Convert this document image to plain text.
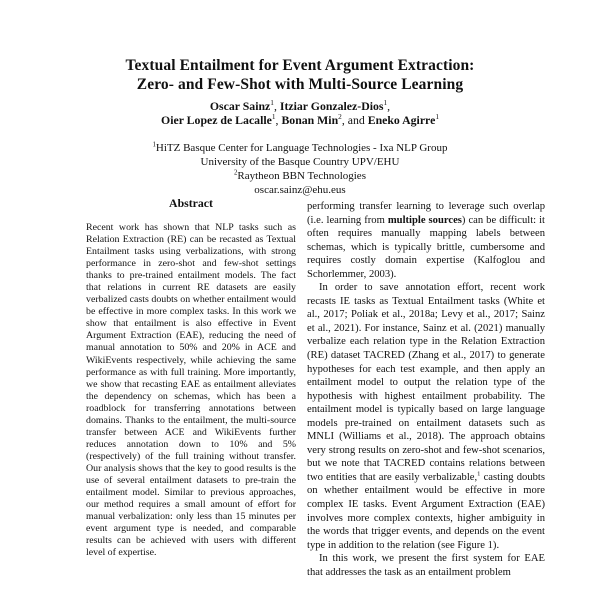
Textual Entailment for Event Argument Extraction:
Zero- and Few-Shot with Multi-Source Learning
Oscar Sainz$^1$, Itziar Gonzalez-Dios$^1$,
Oier Lopez de Lacalle$^1$, Bonan Min$^2$, and Eneko Agirre$^1$
$^1$HiTZ Basque Center for Language Technologies - Ixa NLP Group
University of the Basque Country UPV/EHU
$^2$Raytheon BBN Technologies
oscar.sainz@ehu.eus
Abstract

Recent work has shown that NLP tasks such as Relation Extraction (RE) can be recasted as Textual Entailment tasks using verbalizations, with strong performance in zero-shot and few-shot settings thanks to pre-trained entailment models. The fact that relations in current RE datasets are easily verbalized casts doubts on whether entailment would be effective in more complex tasks. In this work we show that entailment is also effective in Event Argument Extraction (EAE), reducing the need of manual annotation to 50% and 20% in ACE and WikiEvents respectively, while achieving the same performance as with full training. More importantly, we show that recasting EAE as entailment alleviates the dependency on schemas, which has been a roadblock for transferring annotations between domains. Thanks to the entailment, the multi-source transfer between ACE and WikiEvents further reduces annotation down to 10% and 5% (respectively) of the full training without transfer. Our analysis shows that the key to good results is the use of several entailment datasets to pre-train the entailment model. Similar to previous approaches, our method requires a small amount of effort for manual verbalization: only less than 15 minutes per event argument type is needed, and comparable results can be achieved with users with different level of expertise.

performing transfer learning to leverage such overlap (i.e. learning from multiple sources) can be difficult: it often requires manually mapping labels between schemas, which is typically brittle, cumbersome and requires costly domain expertise (Kalfoglou and Schorlemmer, 2003).

In order to save annotation effort, recent work recasts IE tasks as Textual Entailment tasks (White et al., 2017; Poliak et al., 2018a; Levy et al., 2017; Sainz et al., 2021). For instance, Sainz et al. (2021) manually verbalize each relation type in the Relation Extraction (RE) dataset TACRED (Zhang et al., 2017) to generate hypotheses for each test example, and then apply an entailment model to output the relation type of the hypothesis with highest entailment probability. The entailment model is typically based on large language models pre-trained on entailment datasets such as MNLI (Williams et al., 2018). The approach obtains very strong results on zero-shot and few-shot scenarios, but we note that TACRED contains relations between two entities that are easily verbalizable,$^1$ casting doubts on whether entailment would be effective in more complex IE tasks. Event Argument Extraction (EAE) involves more complex contexts, higher ambiguity in the words that trigger events, and depends on the event type in addition to the relation (see Figure 1).

In this work, we present the first system for EAE that addresses the task as an entailment problem
